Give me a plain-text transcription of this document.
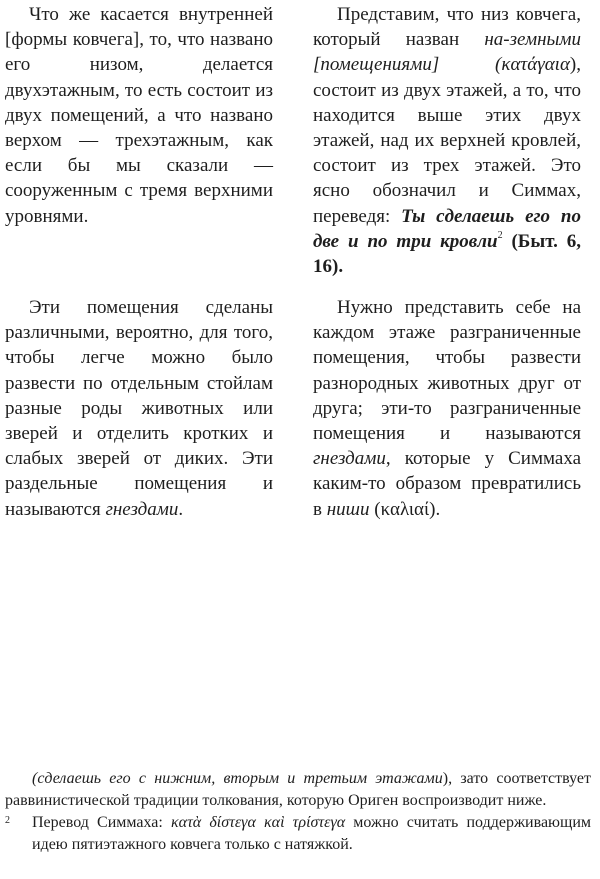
Что же касается внутренней [формы ковчега], то, что названо его низом, делается двухэтажным, то есть состоит из двух помещений, а что названо верхом — трехэтажным, как если бы мы сказали — сооруженным с тремя верхними уровнями.

Эти помещения сделаны различными, вероятно, для того, чтобы легче можно было развести по отдельным стойлам разные роды животных или зверей и отделить кротких и слабых зверей от диких. Эти раздельные помещения и называются гнездами.

Представим, что низ ковчега, который назван на-земными [помещениями] (κατάγαια), состоит из двух этажей, а то, что находится выше этих двух этажей, над их верхней кровлей, состоит из трех этажей. Это ясно обозначил и Симмах, переведя: Ты сделаешь его по две и по три кровли$^2$ (Быт. 6, 16).

Нужно представить себе на каждом этаже разграниченные помещения, чтобы развести разнородных животных друг от друга; эти-то разграниченные помещения и называются гнездами, которые у Симмаха каким-то образом превратились в ниши (καλιαί).

(сделаешь его с нижним, вторым и третьим этажами), зато соответствует раввинистической традиции толкования, которую Ориген воспроизводит ниже.

2 Перевод Симмаха: κατὰ δίστεγα καὶ τρίστεγα можно считать поддерживающим идею пятиэтажного ковчега только с натяжкой.
